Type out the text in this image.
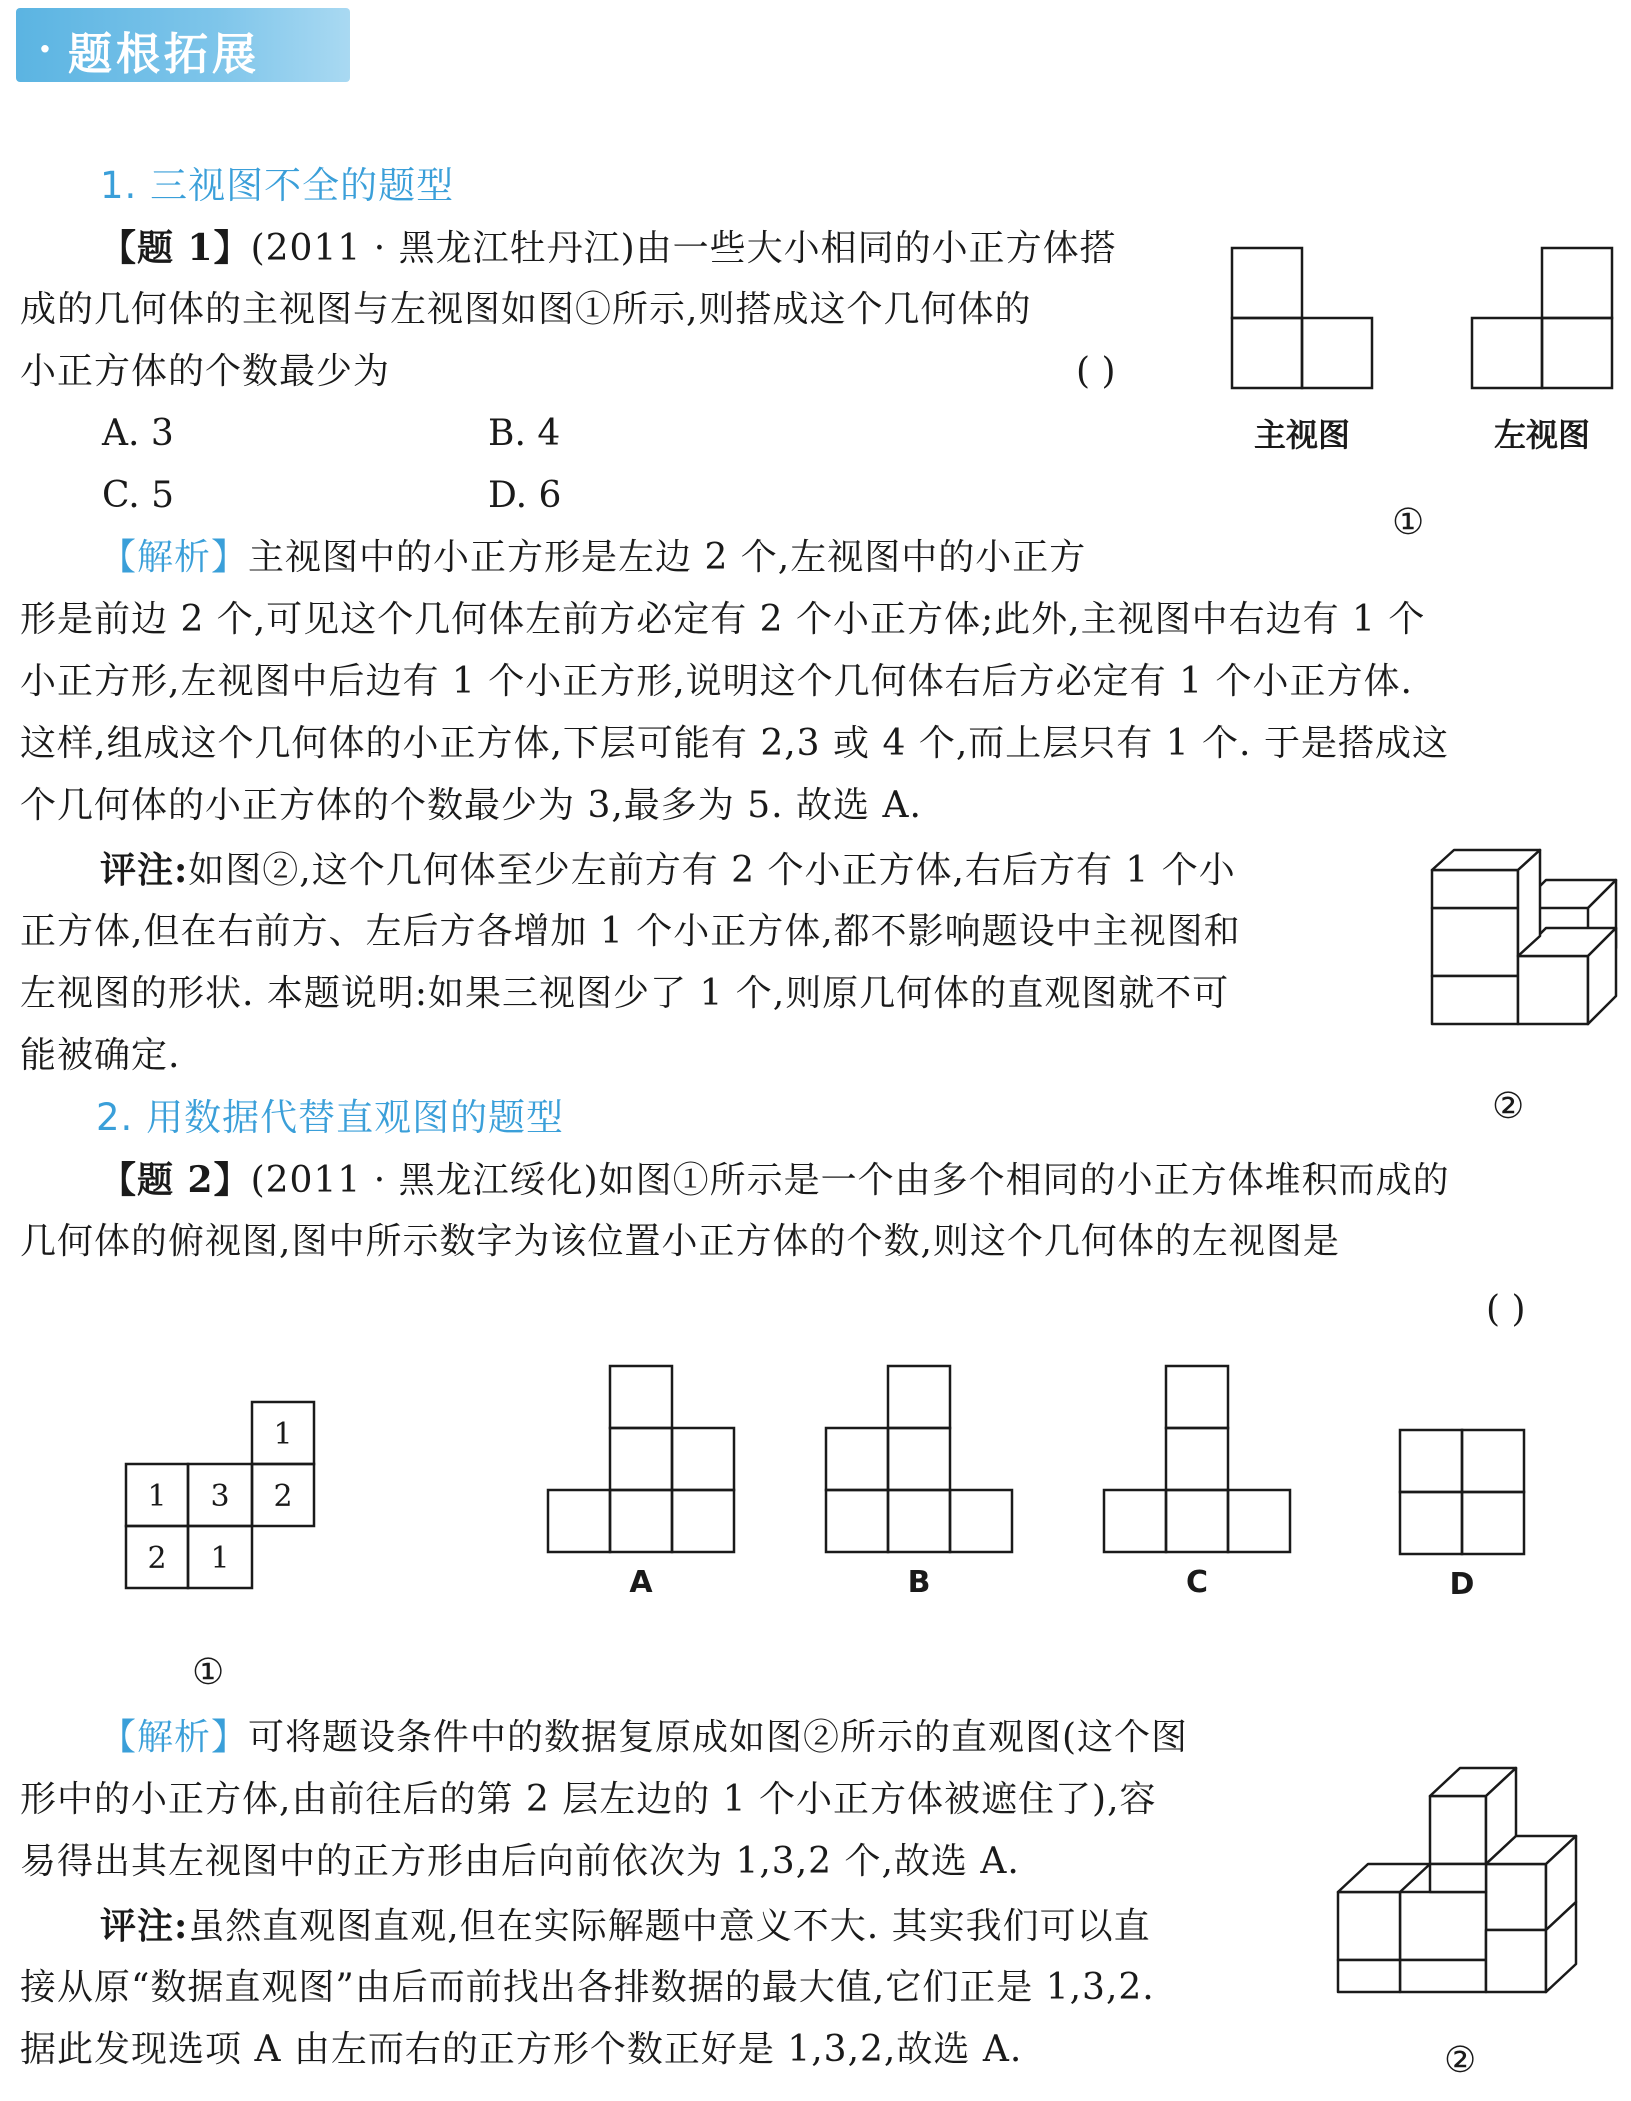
· 题根拓展
1. 三视图不全的题型
【题 1】(2011 · 黑龙江牡丹江)由一些大小相同的小正方体搭
成的几何体的主视图与左视图如图①所示,则搭成这个几何体的
小正方体的个数最少为	( )
A. 3	B. 4
C. 5	D. 6
主视图	左视图
①
【解析】主视图中的小正方形是左边 2 个,左视图中的小正方
形是前边 2 个,可见这个几何体左前方必定有 2 个小正方体;此外,主视图中右边有 1 个
小正方形,左视图中后边有 1 个小正方形,说明这个几何体右后方必定有 1 个小正方体.
这样,组成这个几何体的小正方体,下层可能有 2,3 或 4 个,而上层只有 1 个. 于是搭成这
个几何体的小正方体的个数最少为 3,最多为 5. 故选 A.
评注:如图②,这个几何体至少左前方有 2 个小正方体,右后方有 1 个小
正方体,但在右前方、左后方各增加 1 个小正方体,都不影响题设中主视图和
左视图的形状. 本题说明:如果三视图少了 1 个,则原几何体的直观图就不可
能被确定.
②
2. 用数据代替直观图的题型
【题 2】(2011 · 黑龙江绥化)如图①所示是一个由多个相同的小正方体堆积而成的
几何体的俯视图,图中所示数字为该位置小正方体的个数,则这个几何体的左视图是
( )
1
1 3 2
2 1
①
A	B	C	D
【解析】可将题设条件中的数据复原成如图②所示的直观图(这个图
形中的小正方体,由前往后的第 2 层左边的 1 个小正方体被遮住了),容
易得出其左视图中的正方形由后向前依次为 1,3,2 个,故选 A.
评注:虽然直观图直观,但在实际解题中意义不大. 其实我们可以直
接从原“数据直观图”由后而前找出各排数据的最大值,它们正是 1,3,2.
据此发现选项 A 由左而右的正方形个数正好是 1,3,2,故选 A.	②
